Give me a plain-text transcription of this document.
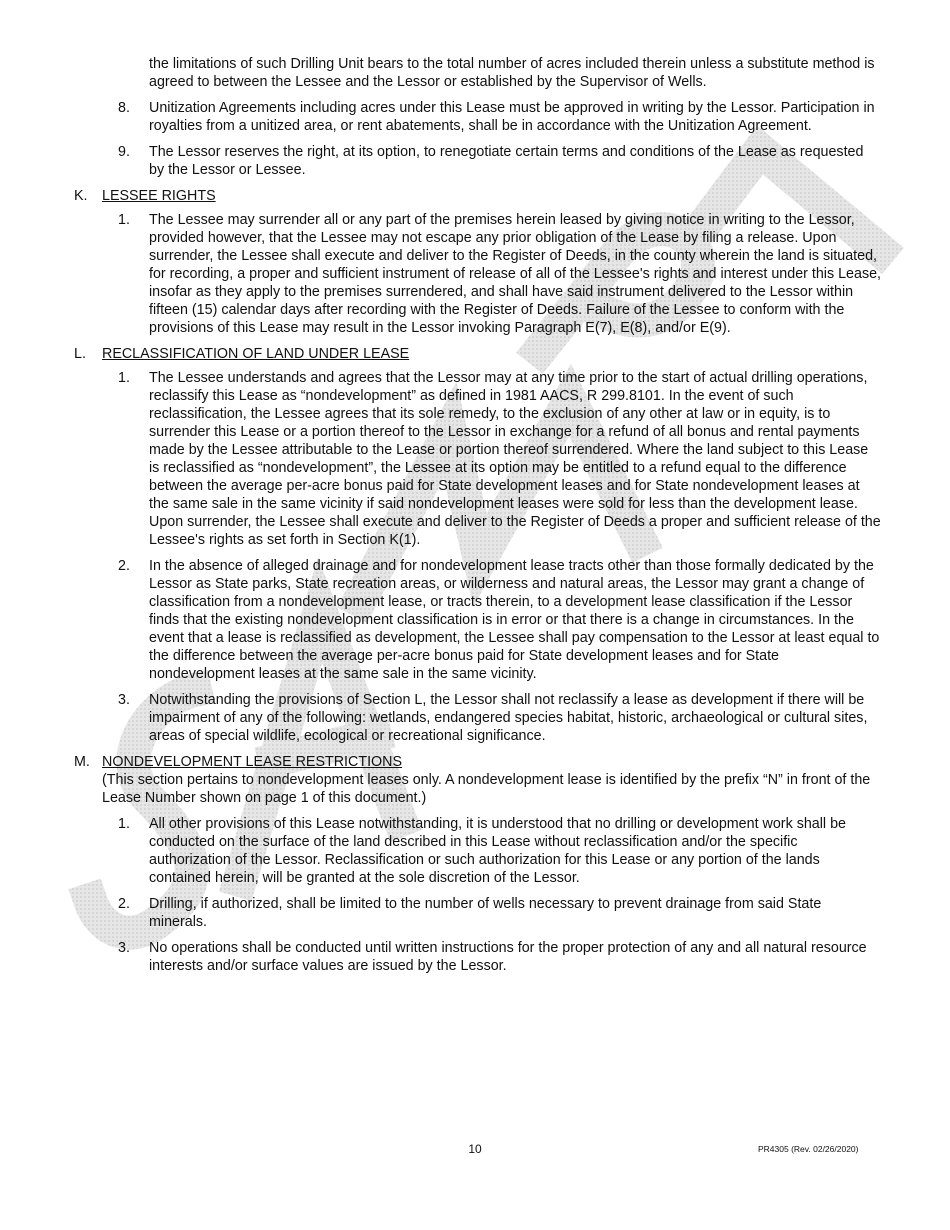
the limitations of such Drilling Unit bears to the total number of acres included therein unless a substitute method is agreed to between the Lessee and the Lessor or established by the Supervisor of Wells.
8. Unitization Agreements including acres under this Lease must be approved in writing by the Lessor. Participation in royalties from a unitized area, or rent abatements, shall be in accordance with the Unitization Agreement.
9. The Lessor reserves the right, at its option, to renegotiate certain terms and conditions of the Lease as requested by the Lessor or Lessee.
K. LESSEE RIGHTS
1. The Lessee may surrender all or any part of the premises herein leased by giving notice in writing to the Lessor, provided however, that the Lessee may not escape any prior obligation of the Lease by filing a release. Upon surrender, the Lessee shall execute and deliver to the Register of Deeds, in the county wherein the land is situated, for recording, a proper and sufficient instrument of release of all of the Lessee's rights and interest under this Lease, insofar as they apply to the premises surrendered, and shall have said instrument delivered to the Lessor within fifteen (15) calendar days after recording with the Register of Deeds. Failure of the Lessee to conform with the provisions of this Lease may result in the Lessor invoking Paragraph E(7), E(8), and/or E(9).
L. RECLASSIFICATION OF LAND UNDER LEASE
1. The Lessee understands and agrees that the Lessor may at any time prior to the start of actual drilling operations, reclassify this Lease as “nondevelopment” as defined in 1981 AACS, R 299.8101. In the event of such reclassification, the Lessee agrees that its sole remedy, to the exclusion of any other at law or in equity, is to surrender this Lease or a portion thereof to the Lessor in exchange for a refund of all bonus and rental payments made by the Lessee attributable to the Lease or portion thereof surrendered. Where the land subject to this Lease is reclassified as “nondevelopment”, the Lessee at its option may be entitled to a refund equal to the difference between the average per-acre bonus paid for State development leases and for State nondevelopment leases at the same sale in the same vicinity if said nondevelopment leases were sold for less than the development lease. Upon surrender, the Lessee shall execute and deliver to the Register of Deeds a proper and sufficient release of the Lessee's rights as set forth in Section K(1).
2. In the absence of alleged drainage and for nondevelopment lease tracts other than those formally dedicated by the Lessor as State parks, State recreation areas, or wilderness and natural areas, the Lessor may grant a change of classification from a nondevelopment lease, or tracts therein, to a development lease classification if the Lessor finds that the existing nondevelopment classification is in error or that there is a change in circumstances. In the event that a lease is reclassified as development, the Lessee shall pay compensation to the Lessor at least equal to the difference between the average per-acre bonus paid for State development leases and for State nondevelopment leases at the same sale in the same vicinity.
3. Notwithstanding the provisions of Section L, the Lessor shall not reclassify a lease as development if there will be impairment of any of the following: wetlands, endangered species habitat, historic, archaeological or cultural sites, areas of special wildlife, ecological or recreational significance.
M. NONDEVELOPMENT LEASE RESTRICTIONS
(This section pertains to nondevelopment leases only. A nondevelopment lease is identified by the prefix “N” in front of the Lease Number shown on page 1 of this document.)
1. All other provisions of this Lease notwithstanding, it is understood that no drilling or development work shall be conducted on the surface of the land described in this Lease without reclassification and/or the specific authorization of the Lessor. Reclassification or such authorization for this Lease or any portion of the lands contained herein, will be granted at the sole discretion of the Lessor.
2. Drilling, if authorized, shall be limited to the number of wells necessary to prevent drainage from said State minerals.
3. No operations shall be conducted until written instructions for the proper protection of any and all natural resource interests and/or surface values are issued by the Lessor.
10	PR4305 (Rev. 02/26/2020)
